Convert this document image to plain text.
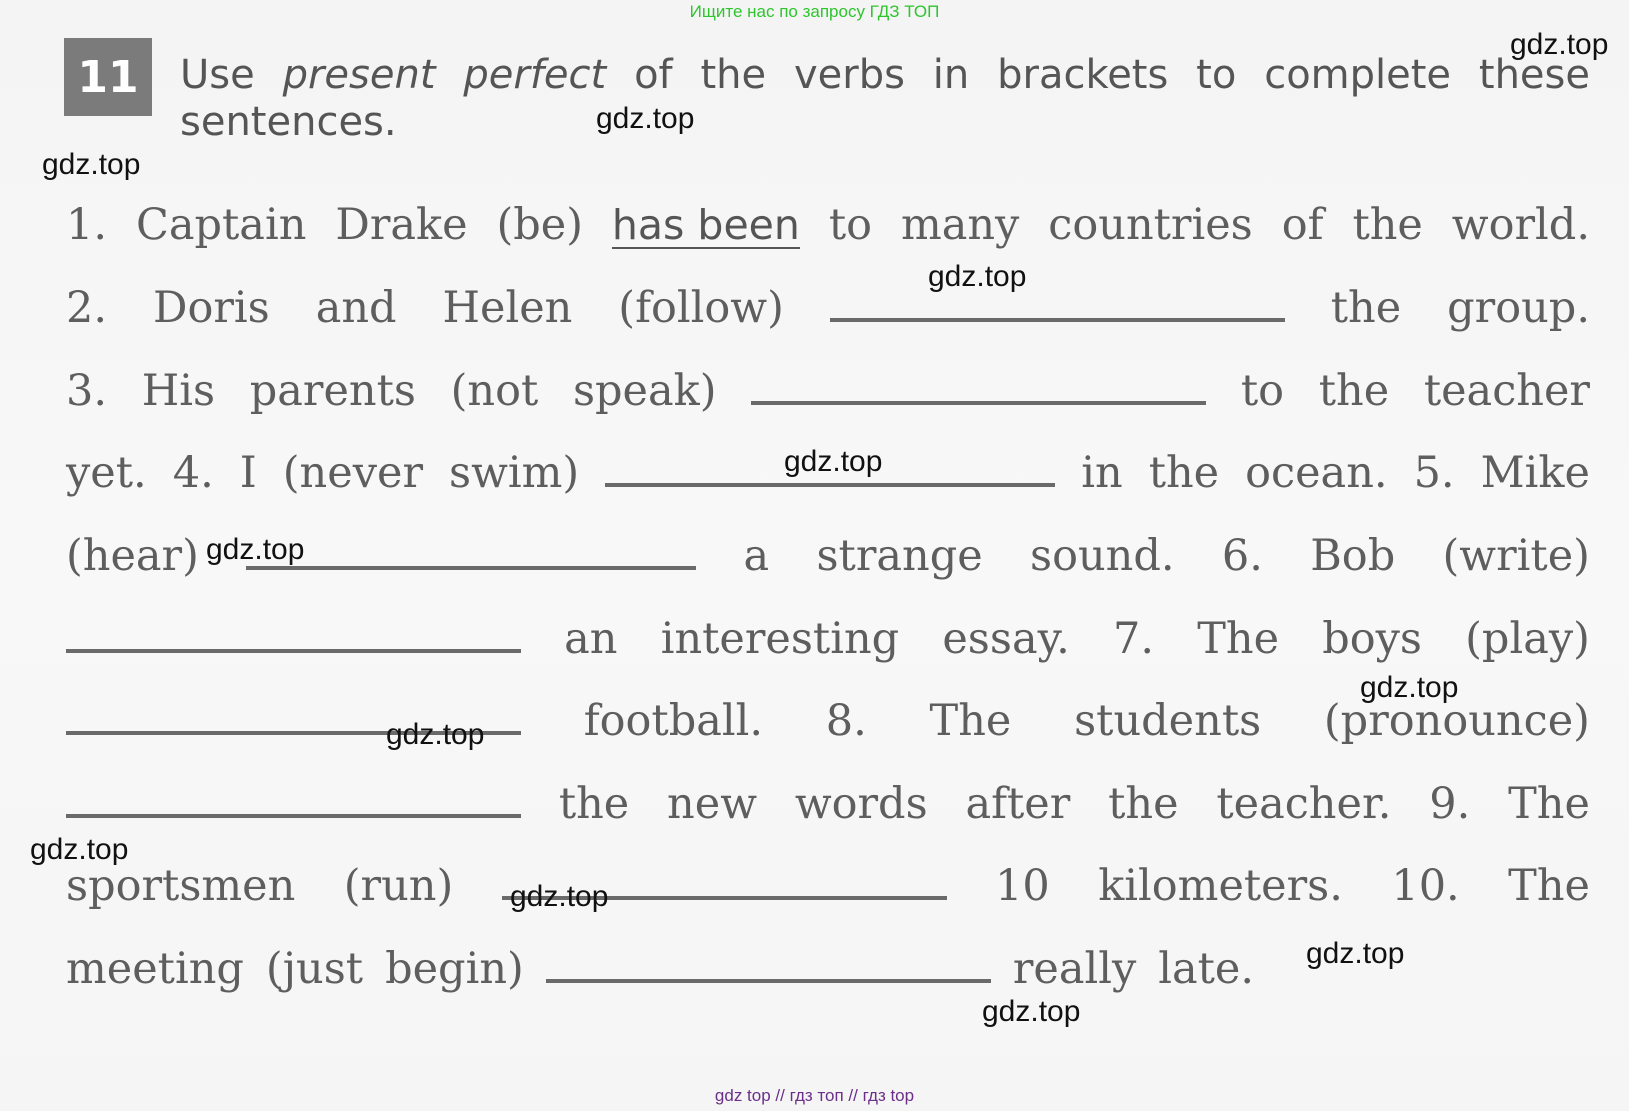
Ищите нас по запросу ГДЗ ТОП
11	Use present perfect of the verbs in brackets to complete these sentences.
1. Captain Drake (be) has been to many countries of the world.
2. Doris and Helen (follow)	the group.
3. His parents (not speak)	to the teacher
yet. 4. I (never swim)	in the ocean. 5. Mike
(hear)	a strange sound. 6. Bob (write)
an interesting essay. 7. The boys (play)
football. 8. The students (pronounce)
the new words after the teacher. 9. The
sportsmen (run)	10 kilometers. 10. The
meeting (just begin)	really late.
gdz.top
gdz.top
gdz.top
gdz.top
gdz.top
gdz.top
gdz.top
gdz.top
gdz.top
gdz.top
gdz.top
gdz.top
gdz top // гдз топ // гдз top
